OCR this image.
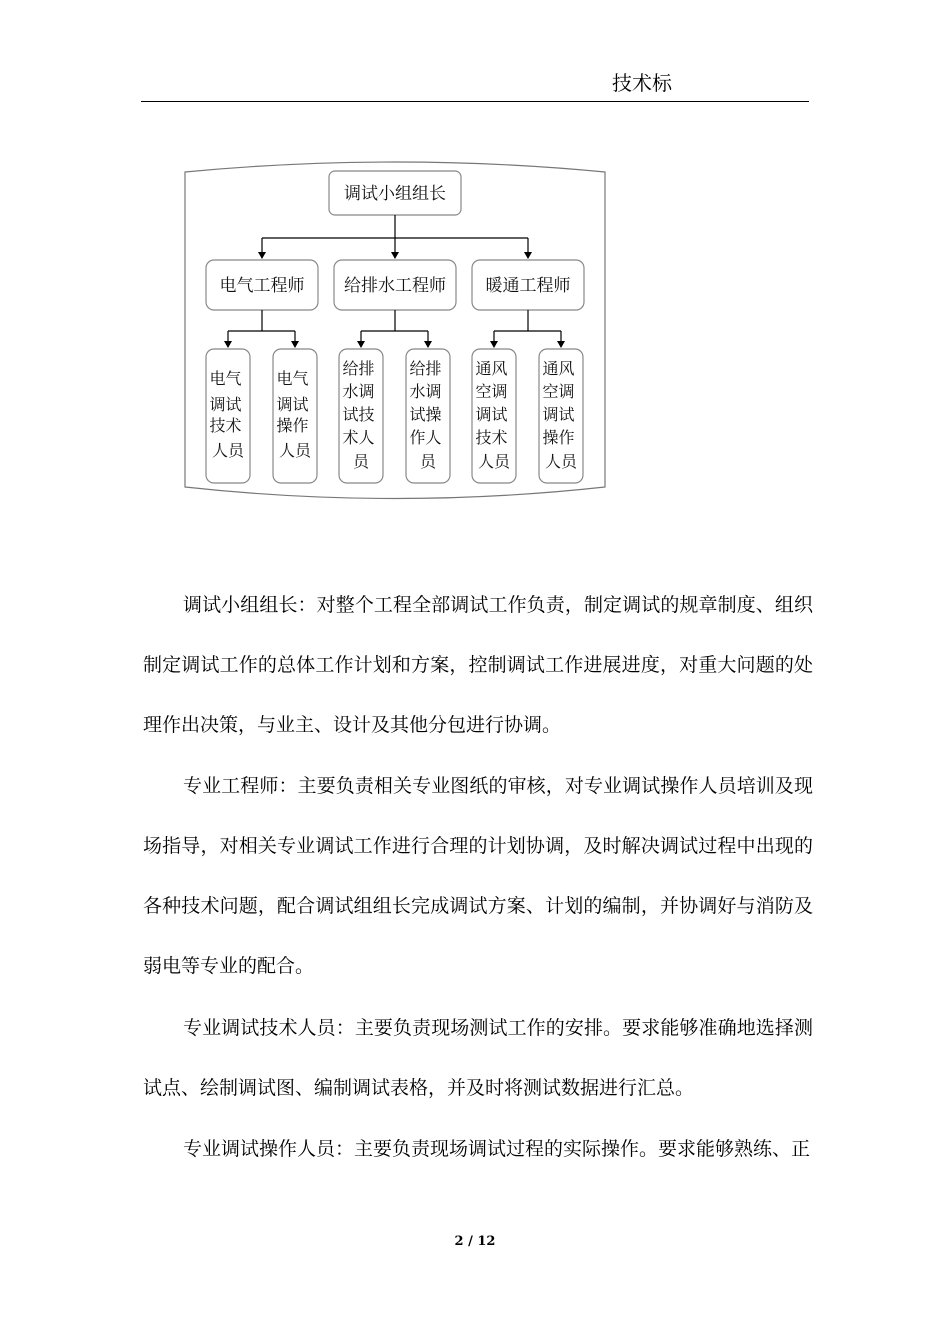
技术标
调试小组组长
电气工程师 给排水工程师 暖通工程师
电气 调试 技术 人员
电气 调试 操作 人员
给排 水调 试技 术人 员
给排 水调 试操 作人 员
通风 空调 调试 技术 人员
通风 空调 调试 操作 人员

调试小组组长：对整个工程全部调试工作负责，制定调试的规章制度、组织制定调试工作的总体工作计划和方案，控制调试工作进展进度，对重大问题的处理作出决策，与业主、设计及其他分包进行协调。

专业工程师：主要负责相关专业图纸的审核，对专业调试操作人员培训及现场指导，对相关专业调试工作进行合理的计划协调，及时解决调试过程中出现的各种技术问题，配合调试组组长完成调试方案、计划的编制，并协调好与消防及弱电等专业的配合。

专业调试技术人员：主要负责现场测试工作的安排。要求能够准确地选择测试点、绘制调试图、编制调试表格，并及时将测试数据进行汇总。

专业调试操作人员：主要负责现场调试过程的实际操作。要求能够熟练、正

2 / 12
